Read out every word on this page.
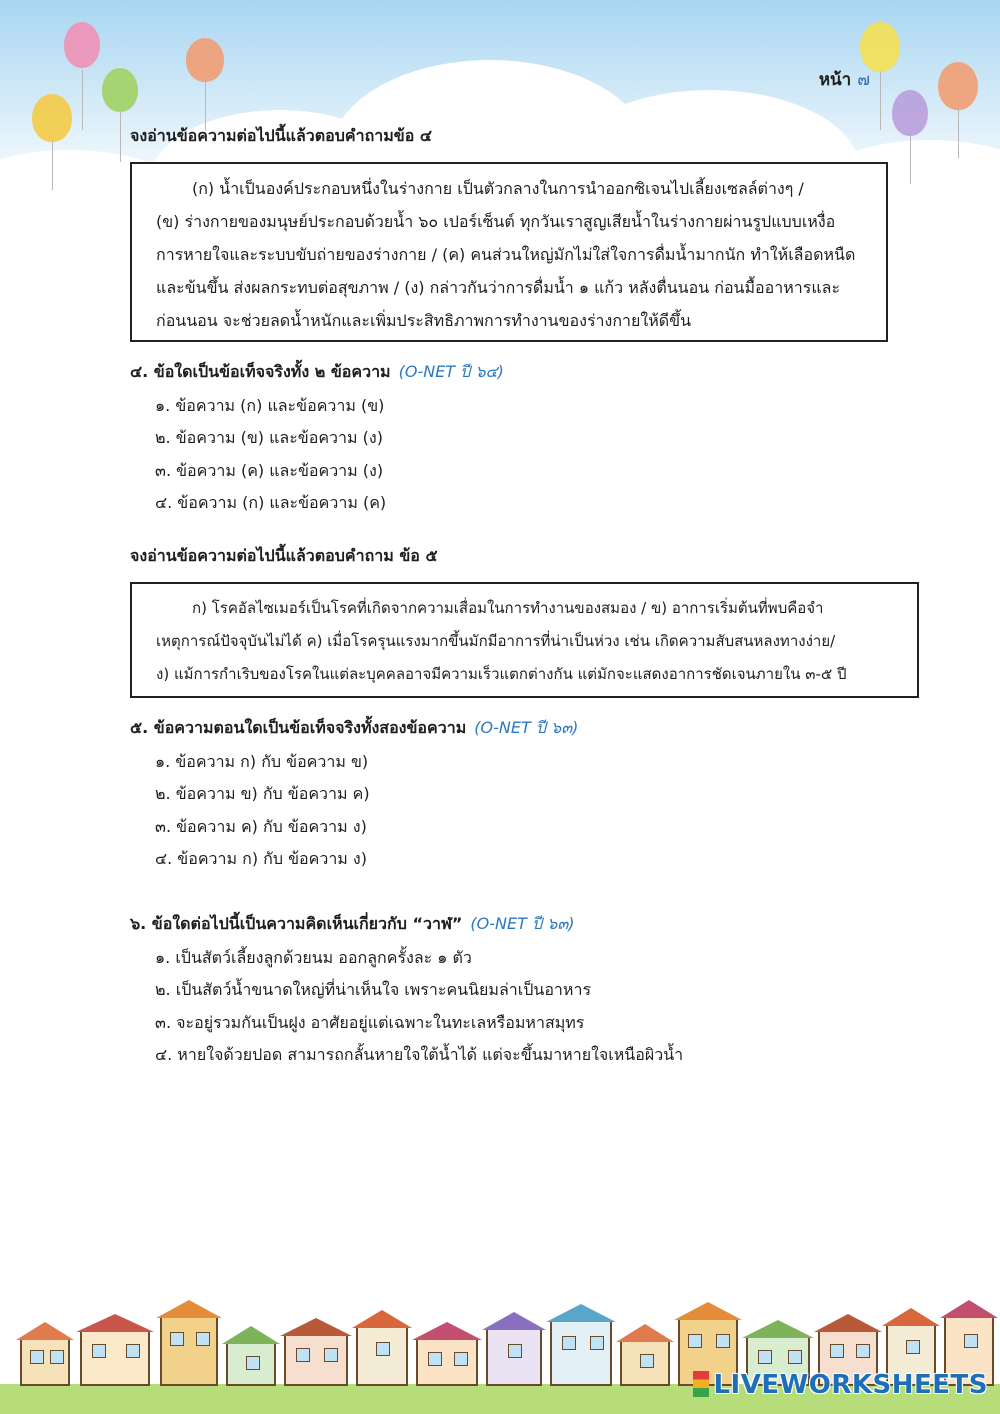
หน้า ๗
จงอ่านข้อความต่อไปนี้แล้วตอบคำถามข้อ ๔
(ก) น้ำเป็นองค์ประกอบหนึ่งในร่างกาย เป็นตัวกลางในการนำออกซิเจนไปเลี้ยงเซลล์ต่างๆ /
(ข) ร่างกายของมนุษย์ประกอบด้วยน้ำ ๖๐ เปอร์เซ็นต์ ทุกวันเราสูญเสียน้ำในร่างกายผ่านรูปแบบเหงื่อ
การหายใจและระบบขับถ่ายของร่างกาย / (ค) คนส่วนใหญ่มักไม่ใส่ใจการดื่มน้ำมากนัก ทำให้เลือดหนืด
และข้นขึ้น ส่งผลกระทบต่อสุขภาพ / (ง) กล่าวกันว่าการดื่มน้ำ ๑ แก้ว หลังตื่นนอน ก่อนมื้ออาหารและ
ก่อนนอน จะช่วยลดน้ำหนักและเพิ่มประสิทธิภาพการทำงานของร่างกายให้ดีขึ้น
๔. ข้อใดเป็นข้อเท็จจริงทั้ง ๒ ข้อความ (O-NET ปี ๖๔)
๑. ข้อความ (ก) และข้อความ (ข)
๒. ข้อความ (ข) และข้อความ (ง)
๓. ข้อความ (ค) และข้อความ (ง)
๔. ข้อความ (ก) และข้อความ (ค)
จงอ่านข้อความต่อไปนี้แล้วตอบคำถาม ข้อ ๕
ก) โรคอัลไซเมอร์เป็นโรคที่เกิดจากความเสื่อมในการทำงานของสมอง / ข) อาการเริ่มต้นที่พบคือจำ
เหตุการณ์ปัจจุบันไม่ได้ ค) เมื่อโรครุนแรงมากขึ้นมักมีอาการที่น่าเป็นห่วง เช่น เกิดความสับสนหลงทางง่าย/
ง) แม้การกำเริบของโรคในแต่ละบุคคลอาจมีความเร็วแตกต่างกัน แต่มักจะแสดงอาการชัดเจนภายใน ๓-๕ ปี
๕. ข้อความตอนใดเป็นข้อเท็จจริงทั้งสองข้อความ (O-NET ปี ๖๓)
๑. ข้อความ ก) กับ ข้อความ ข)
๒. ข้อความ ข) กับ ข้อความ ค)
๓. ข้อความ ค) กับ ข้อความ ง)
๔. ข้อความ ก) กับ ข้อความ ง)
๖. ข้อใดต่อไปนี้เป็นความคิดเห็นเกี่ยวกับ “วาฬ” (O-NET ปี ๖๓)
๑. เป็นสัตว์เลี้ยงลูกด้วยนม ออกลูกครั้งละ ๑ ตัว
๒. เป็นสัตว์น้ำขนาดใหญ่ที่น่าเห็นใจ เพราะคนนิยมล่าเป็นอาหาร
๓. จะอยู่รวมกันเป็นฝูง อาศัยอยู่แต่เฉพาะในทะเลหรือมหาสมุทร
๔. หายใจด้วยปอด สามารถกลั้นหายใจใต้น้ำได้ แต่จะขึ้นมาหายใจเหนือผิวน้ำ
LIVEWORKSHEETS
